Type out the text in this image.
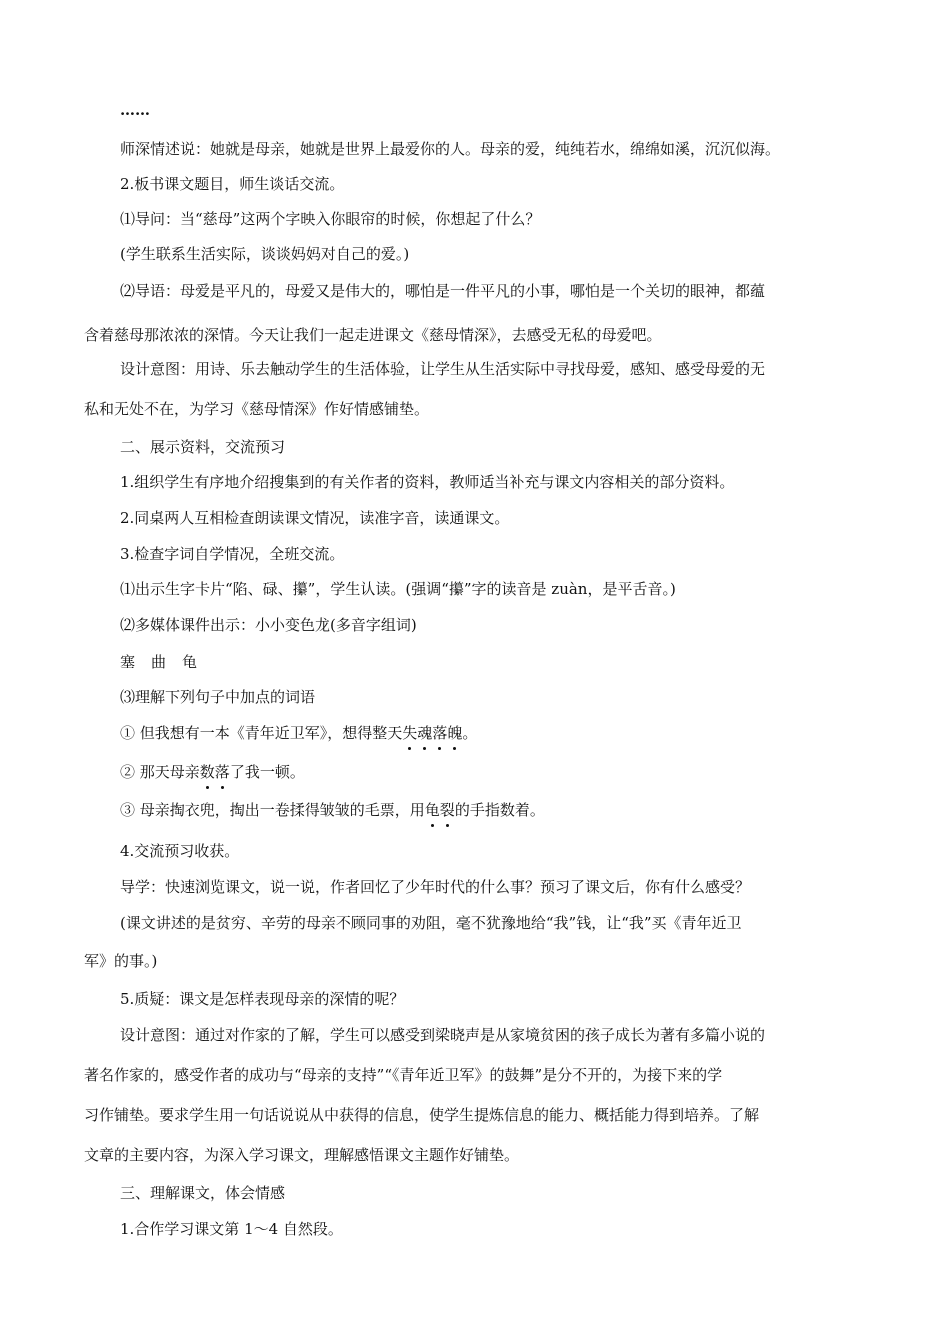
……
师深情述说：她就是母亲，她就是世界上最爱你的人。母亲的爱，纯纯若水，绵绵如溪，沉沉似海。
2.板书课文题目，师生谈话交流。
⑴导问：当“慈母”这两个字映入你眼帘的时候，你想起了什么？
(学生联系生活实际，谈谈妈妈对自己的爱。)
⑵导语：母爱是平凡的，母爱又是伟大的，哪怕是一件平凡的小事，哪怕是一个关切的眼神，都蕴
含着慈母那浓浓的深情。今天让我们一起走进课文《慈母情深》，去感受无私的母爱吧。
设计意图：用诗、乐去触动学生的生活体验，让学生从生活实际中寻找母爱，感知、感受母爱的无
私和无处不在，为学习《慈母情深》作好情感铺垫。
二、展示资料，交流预习
1.组织学生有序地介绍搜集到的有关作者的资料，教师适当补充与课文内容相关的部分资料。
2.同桌两人互相检查朗读课文情况，读准字音，读通课文。
3.检查字词自学情况，全班交流。
⑴出示生字卡片“陷、碌、攥”，学生认读。(强调“攥”字的读音是 zuàn，是平舌音。)
⑵多媒体课件出示：小小变色龙(多音字组词)
塞曲龟
⑶理解下列句子中加点的词语
① 但我想有一本《青年近卫军》，想得整天失魂落魄。
② 那天母亲数落了我一顿。
③ 母亲掏衣兜，掏出一卷揉得皱皱的毛票，用龟裂的手指数着。
4.交流预习收获。
导学：快速浏览课文，说一说，作者回忆了少年时代的什么事？预习了课文后，你有什么感受？
(课文讲述的是贫穷、辛劳的母亲不顾同事的劝阻，毫不犹豫地给“我”钱，让“我”买《青年近卫
军》的事。)
5.质疑：课文是怎样表现母亲的深情的呢？
设计意图：通过对作家的了解，学生可以感受到梁晓声是从家境贫困的孩子成长为著有多篇小说的
著名作家的，感受作者的成功与“母亲的支持”“《青年近卫军》的鼓舞”是分不开的，为接下来的学
习作铺垫。要求学生用一句话说说从中获得的信息，使学生提炼信息的能力、概括能力得到培养。了解
文章的主要内容，为深入学习课文，理解感悟课文主题作好铺垫。
三、理解课文，体会情感
1.合作学习课文第 1～4 自然段。
